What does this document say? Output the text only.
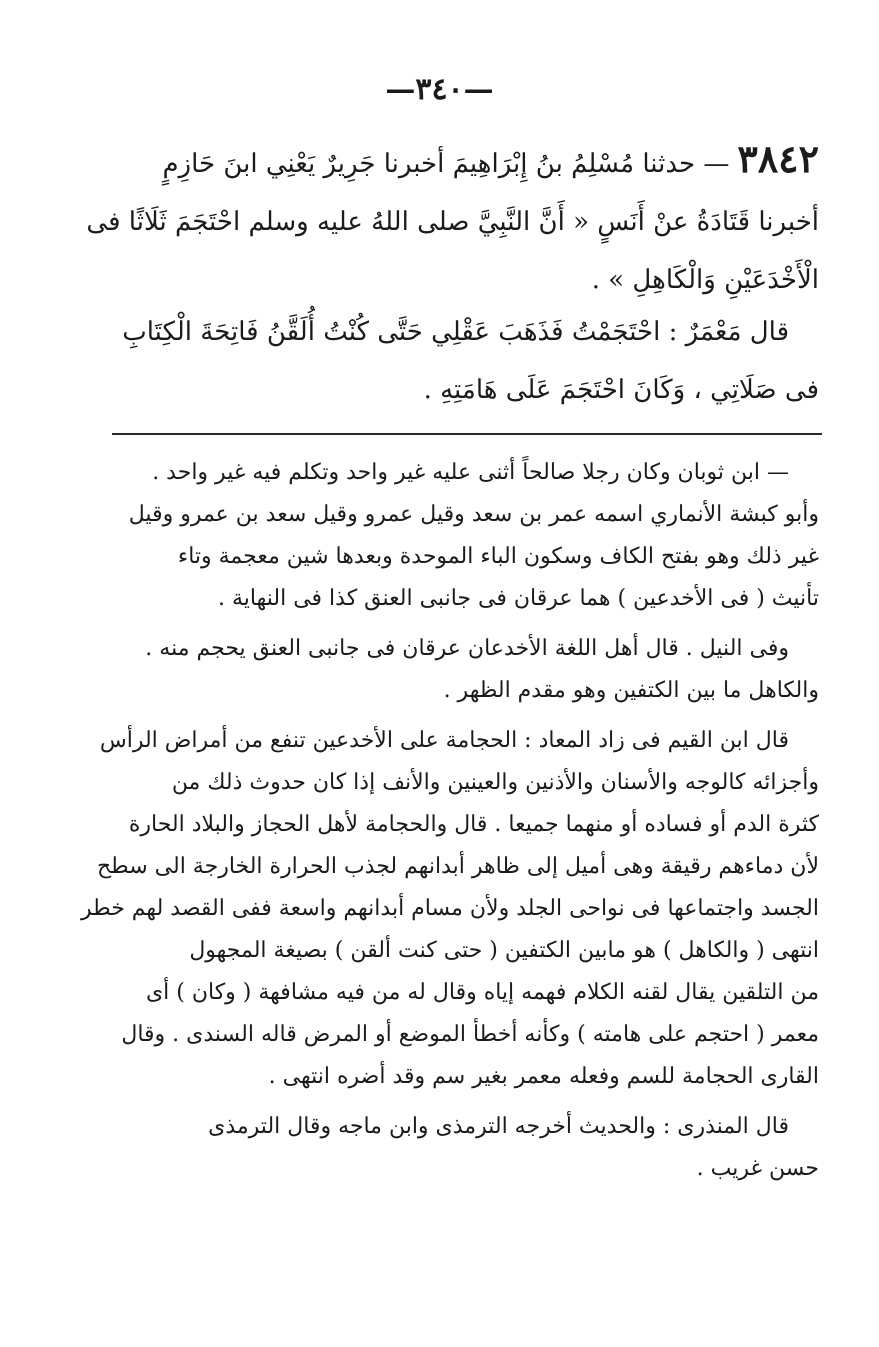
—٣٤٠—
٣٨٤٢— حدثنا مُسْلِمُ بنُ إِبْرَاهِيمَ أخبرنا جَرِيرٌ يَعْنِي ابنَ حَازِمٍ
أخبرنا قَتَادَةُ عنْ أَنَسٍ « أَنَّ النَّبِيَّ صلى اللهُ عليه وسلم احْتَجَمَ ثَلَاثًا فى
الْأَخْدَعَيْنِ وَالْكَاهِلِ » .
قال مَعْمَرٌ : احْتَجَمْتُ فَذَهَبَ عَقْلِي حَتَّى كُنْتُ أُلَقَّنُ فَاتِحَةَ الْكِتَابِ
فى صَلَاتِي ، وَكَانَ احْتَجَمَ عَلَى هَامَتِهِ .
— ابن ثوبان وكان رجلا صالحاً أثنى عليه غير واحد وتكلم فيه غير واحد .
وأبو كبشة الأنماري اسمه عمر بن سعد وقيل عمرو وقيل سعد بن عمرو وقيل
غير ذلك وهو بفتح الكاف وسكون الباء الموحدة وبعدها شين معجمة وتاء
تأنيث ( فى الأخدعين ) هما عرقان فى جانبى العنق كذا فى النهاية .
وفى النيل . قال أهل اللغة الأخدعان عرقان فى جانبى العنق يحجم منه .
والكاهل ما بين الكتفين وهو مقدم الظهر .
قال ابن القيم فى زاد المعاد : الحجامة على الأخدعين تنفع من أمراض الرأس
وأجزائه كالوجه والأسنان والأذنين والعينين والأنف إذا كان حدوث ذلك من
كثرة الدم أو فساده أو منهما جميعا . قال والحجامة لأهل الحجاز والبلاد الحارة
لأن دماءهم رقيقة وهى أميل إلى ظاهر أبدانهم لجذب الحرارة الخارجة الى سطح
الجسد واجتماعها فى نواحى الجلد ولأن مسام أبدانهم واسعة ففى القصد لهم خطر
انتهى ( والكاهل ) هو مابين الكتفين ( حتى كنت ألقن ) بصيغة المجهول
من التلقين يقال لقنه الكلام فهمه إياه وقال له من فيه مشافهة ( وكان ) أى
معمر ( احتجم على هامته ) وكأنه أخطأ الموضع أو المرض قاله السندى . وقال
القارى الحجامة للسم وفعله معمر بغير سم وقد أضره انتهى .
قال المنذرى : والحديث أخرجه الترمذى وابن ماجه وقال الترمذى
حسن غريب .
